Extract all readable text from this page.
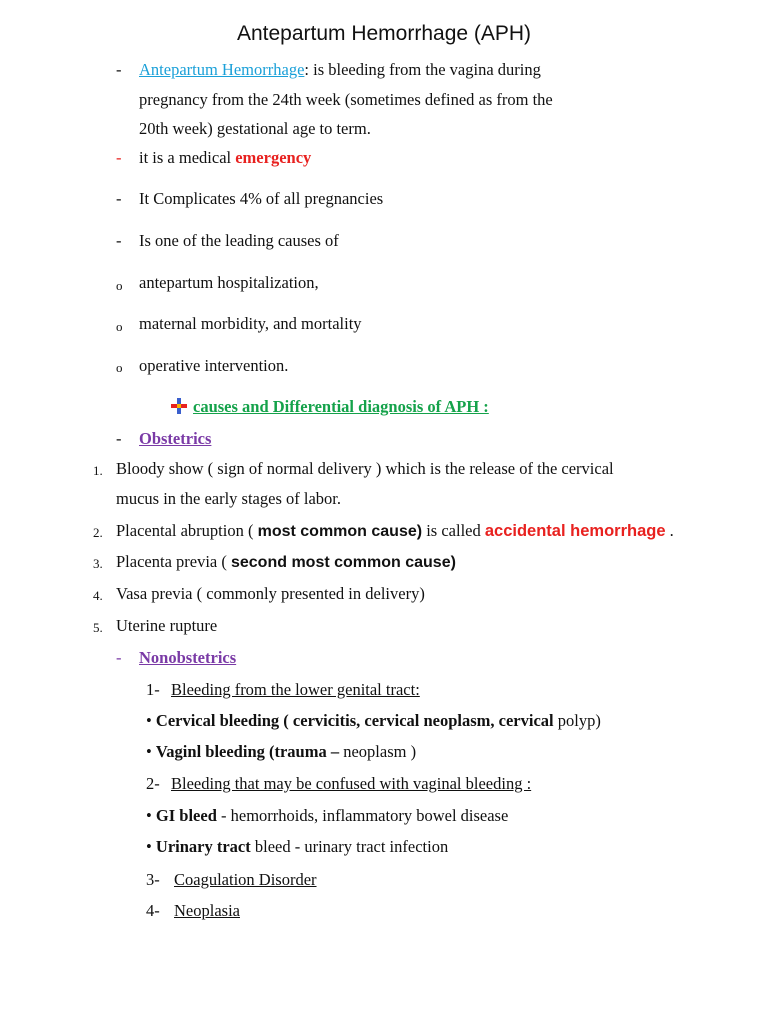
Antepartum Hemorrhage (APH)
- Antepartum Hemorrhage: is bleeding from the vagina during
pregnancy from the 24th week (sometimes defined as from the
20th week) gestational age to term.
- it is a medical emergency
- It Complicates 4% of all pregnancies
- Is one of the leading causes of
o antepartum hospitalization,
o maternal morbidity, and mortality
o operative intervention.
causes and Differential diagnosis of APH :
- Obstetrics
1. Bloody show ( sign of normal delivery ) which is the release of the cervical
mucus in the early stages of labor.
2. Placental abruption ( most common cause) is called accidental hemorrhage .
3. Placenta previa ( second most common cause)
4. Vasa previa ( commonly presented in delivery)
5. Uterine rupture
- Nonobstetrics
1- Bleeding from the lower genital tract:
• Cervical bleeding ( cervicitis, cervical neoplasm, cervical polyp)
• Vaginl bleeding (trauma – neoplasm )
2- Bleeding that may be confused with vaginal bleeding :
• GI bleed - hemorrhoids, inflammatory bowel disease
• Urinary tract bleed - urinary tract infection
3- Coagulation Disorder
4- Neoplasia
